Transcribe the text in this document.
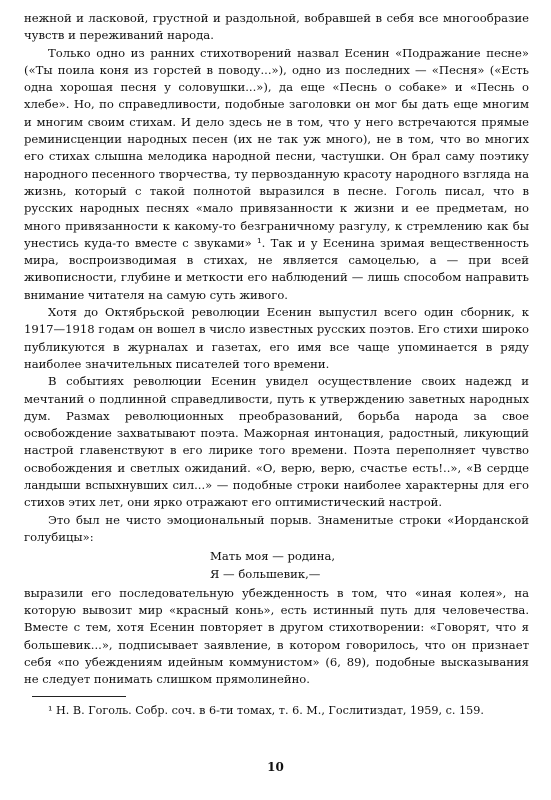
нежной и ласковой, грустной и раздольной, вобравшей в себя все многообразие чувств и переживаний народа.

Только одно из ранних стихотворений назвал Есенин «Подражание песне» («Ты поила коня из горстей в поводу...»), одно из последних — «Песня» («Есть одна хорошая песня у соловушки...»), да еще «Песнь о собаке» и «Песнь о хлебе». Но, по справедливости, подобные заголовки он мог бы дать еще многим и многим своим стихам. И дело здесь не в том, что у него встречаются прямые реминисценции народных песен (их не так уж много), не в том, что во многих его стихах слышна мелодика народной песни, частушки. Он брал саму поэтику народного песенного творчества, ту первозданную красоту народного взгляда на жизнь, который с такой полнотой выразился в песне. Гоголь писал, что в русских народных песнях «мало привязанности к жизни и ее предметам, но много привязанности к какому-то безграничному разгулу, к стремлению как бы унестись куда-то вместе с звуками» ¹. Так и у Есенина зримая вещественность мира, воспроизводимая в стихах, не является самоцелью, а — при всей живописности, глубине и меткости его наблюдений — лишь способом направить внимание читателя на самую суть живого.

Хотя до Октябрьской революции Есенин выпустил всего один сборник, к 1917—1918 годам он вошел в число известных русских поэтов. Его стихи широко публикуются в журналах и газетах, его имя все чаще упоминается в ряду наиболее значительных писателей того времени.

В событиях революции Есенин увидел осуществление своих надежд и мечтаний о подлинной справедливости, путь к утверждению заветных народных дум. Размах революционных преобразований, борьба народа за свое освобождение захватывают поэта. Мажорная интонация, радостный, ликующий настрой главенствуют в его лирике того времени. Поэта переполняет чувство освобождения и светлых ожиданий. «О, верю, верю, счастье есть!..», «В сердце ландыши вспыхнувших сил...» — подобные строки наиболее характерны для его стихов этих лет, они ярко отражают его оптимистический настрой.

Это был не чисто эмоциональный порыв. Знаменитые строки «Иорданской голубицы»:

Мать моя — родина,
Я — большевик,—

выразили его последовательную убежденность в том, что «иная колея», на которую вывозит мир «красный конь», есть истинный путь для человечества. Вместе с тем, хотя Есенин повторяет в другом стихотворении: «Говорят, что я большевик...», подписывает заявление, в котором говорилось, что он признает себя «по убеждениям идейным коммунистом» (6, 89), подобные высказывания не следует понимать слишком прямолинейно.

¹ Н. В. Гоголь. Собр. соч. в 6-ти томах, т. 6. М., Гослитиздат, 1959, с. 159.

10
